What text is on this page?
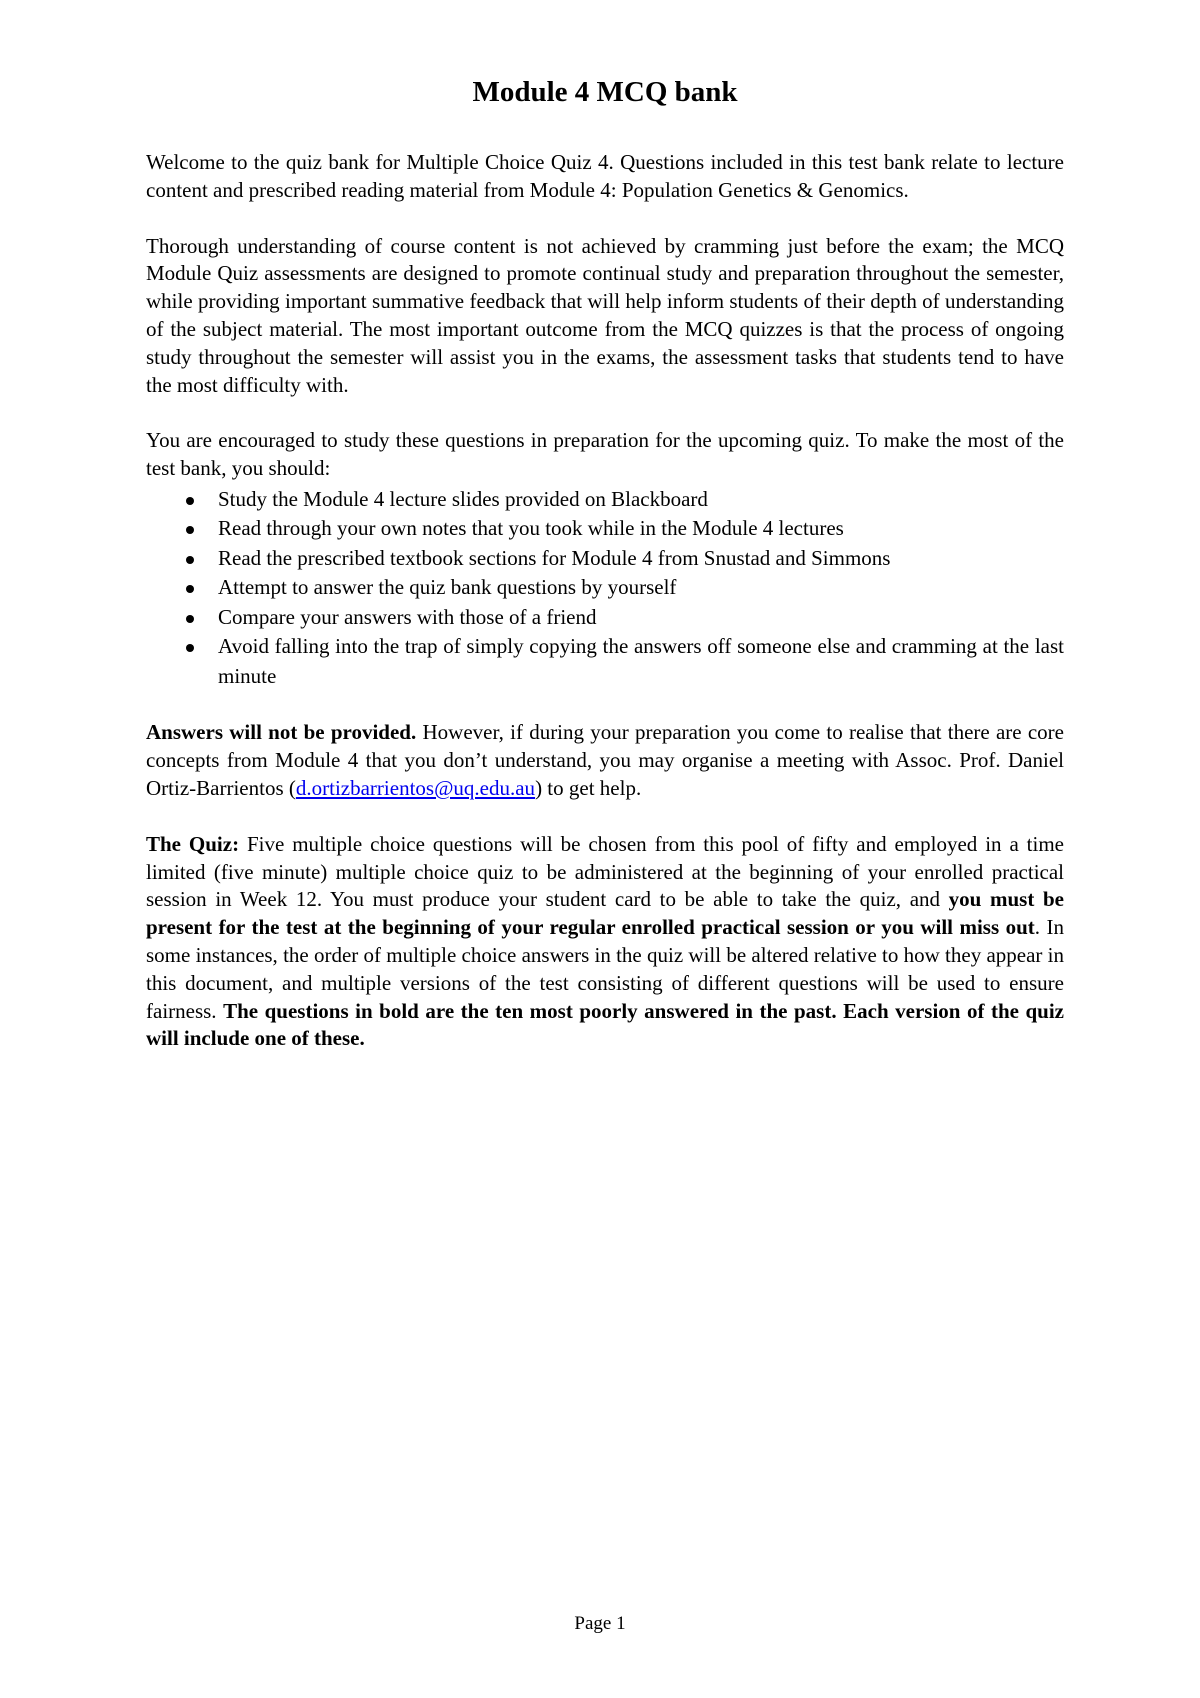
Module 4 MCQ bank

Welcome to the quiz bank for Multiple Choice Quiz 4. Questions included in this test bank relate to lecture content and prescribed reading material from Module 4: Population Genetics & Genomics.

Thorough understanding of course content is not achieved by cramming just before the exam; the MCQ Module Quiz assessments are designed to promote continual study and preparation throughout the semester, while providing important summative feedback that will help inform students of their depth of understanding of the subject material. The most important outcome from the MCQ quizzes is that the process of ongoing study throughout the semester will assist you in the exams, the assessment tasks that students tend to have the most difficulty with.

You are encouraged to study these questions in preparation for the upcoming quiz. To make the most of the test bank, you should:

Study the Module 4 lecture slides provided on Blackboard
Read through your own notes that you took while in the Module 4 lectures
Read the prescribed textbook sections for Module 4 from Snustad and Simmons
Attempt to answer the quiz bank questions by yourself
Compare your answers with those of a friend
Avoid falling into the trap of simply copying the answers off someone else and cramming at the last minute

Answers will not be provided. However, if during your preparation you come to realise that there are core concepts from Module 4 that you don’t understand, you may organise a meeting with Assoc. Prof. Daniel Ortiz-Barrientos (d.ortizbarrientos@uq.edu.au) to get help.

The Quiz: Five multiple choice questions will be chosen from this pool of fifty and employed in a time limited (five minute) multiple choice quiz to be administered at the beginning of your enrolled practical session in Week 12. You must produce your student card to be able to take the quiz, and you must be present for the test at the beginning of your regular enrolled practical session or you will miss out. In some instances, the order of multiple choice answers in the quiz will be altered relative to how they appear in this document, and multiple versions of the test consisting of different questions will be used to ensure fairness. The questions in bold are the ten most poorly answered in the past. Each version of the quiz will include one of these.

Page 1
